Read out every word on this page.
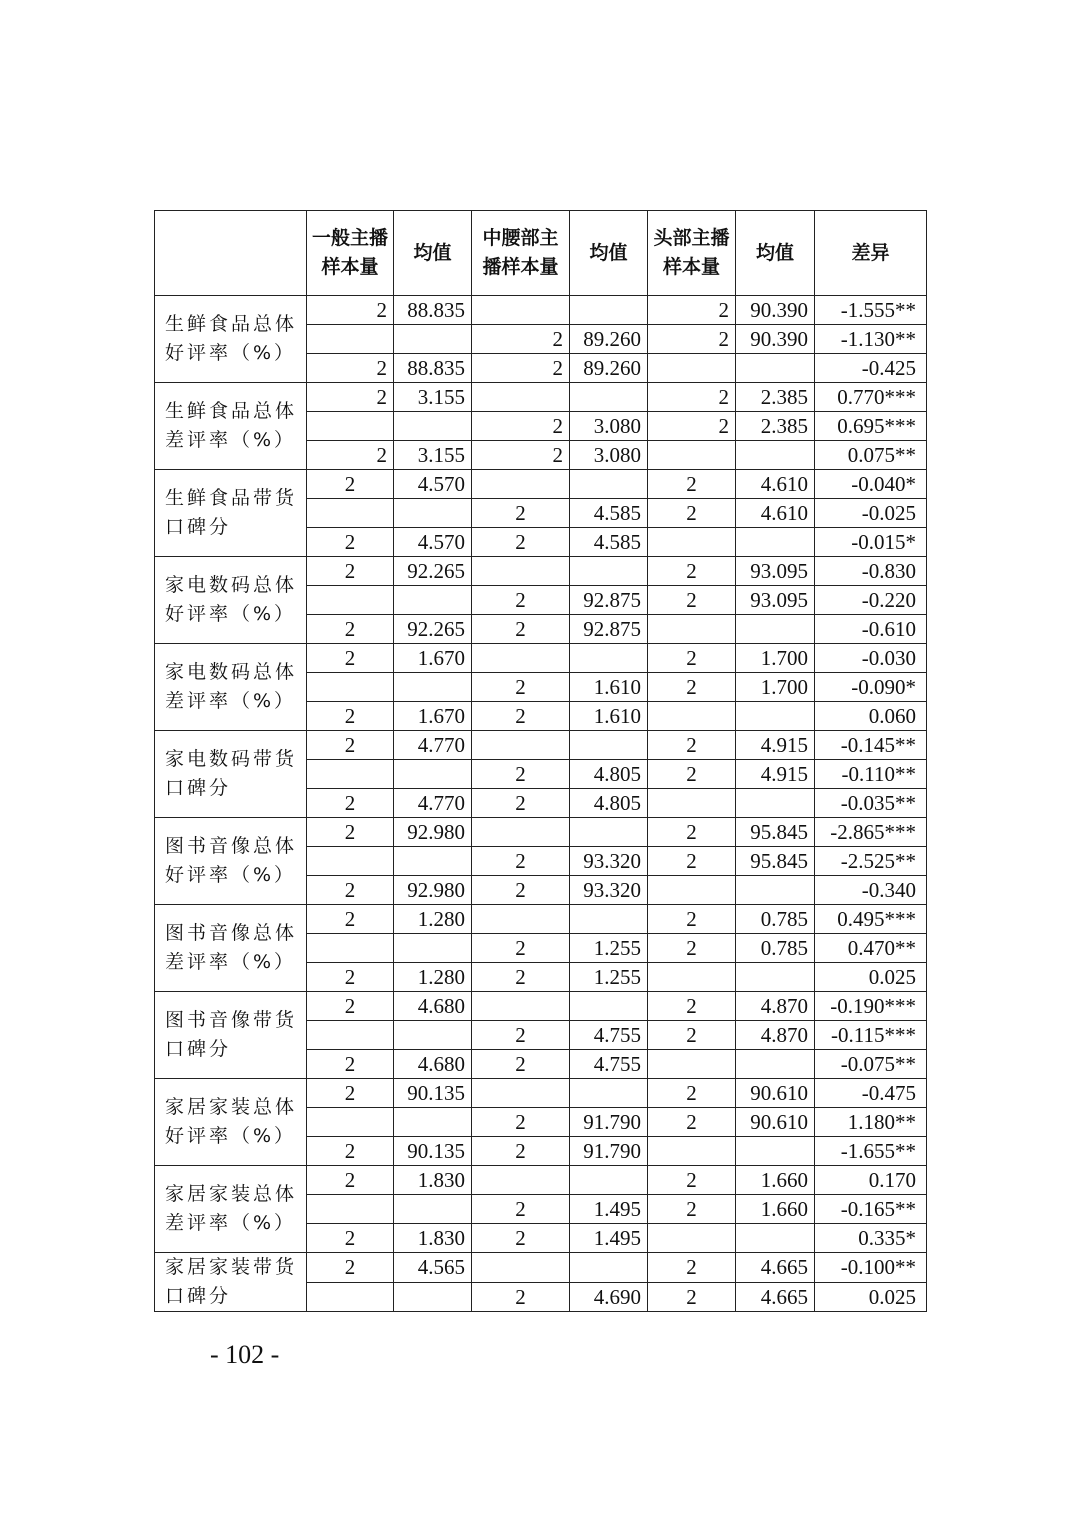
	一般主播样本量	均值	中腰部主播样本量	均值	头部主播样本量	均值	差异
生鲜食品总体好评率（%）	2	88.835			2	90.390	-1.555**
			2	89.260	2	90.390	-1.130**
	2	88.835	2	89.260			-0.425
生鲜食品总体差评率（%）	2	3.155			2	2.385	0.770***
			2	3.080	2	2.385	0.695***
	2	3.155	2	3.080			0.075**
生鲜食品带货口碑分	2	4.570			2	4.610	-0.040*
			2	4.585	2	4.610	-0.025
	2	4.570	2	4.585			-0.015*
家电数码总体好评率（%）	2	92.265			2	93.095	-0.830
			2	92.875	2	93.095	-0.220
	2	92.265	2	92.875			-0.610
家电数码总体差评率（%）	2	1.670			2	1.700	-0.030
			2	1.610	2	1.700	-0.090*
	2	1.670	2	1.610			0.060
家电数码带货口碑分	2	4.770			2	4.915	-0.145**
			2	4.805	2	4.915	-0.110**
	2	4.770	2	4.805			-0.035**
图书音像总体好评率（%）	2	92.980			2	95.845	-2.865***
			2	93.320	2	95.845	-2.525**
	2	92.980	2	93.320			-0.340
图书音像总体差评率（%）	2	1.280			2	0.785	0.495***
			2	1.255	2	0.785	0.470**
	2	1.280	2	1.255			0.025
图书音像带货口碑分	2	4.680			2	4.870	-0.190***
			2	4.755	2	4.870	-0.115***
	2	4.680	2	4.755			-0.075**
家居家装总体好评率（%）	2	90.135			2	90.610	-0.475
			2	91.790	2	90.610	1.180**
	2	90.135	2	91.790			-1.655**
家居家装总体差评率（%）	2	1.830			2	1.660	0.170
			2	1.495	2	1.660	-0.165**
	2	1.830	2	1.495			0.335*
家居家装带货口碑分	2	4.565			2	4.665	-0.100**
			2	4.690	2	4.665	0.025
- 102 -
